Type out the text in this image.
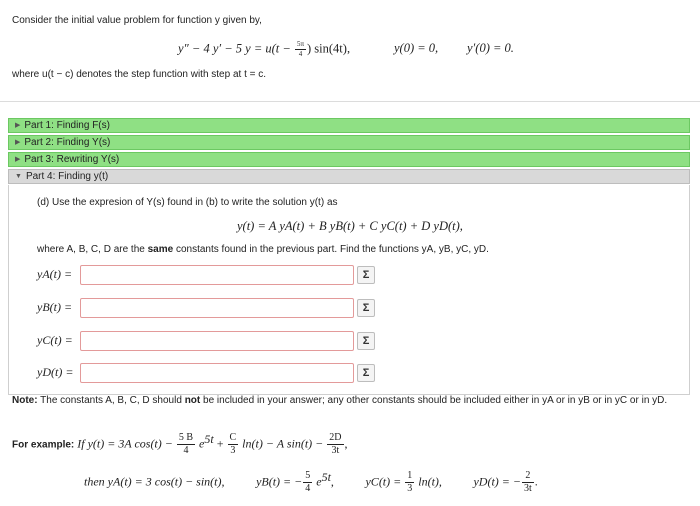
Consider the initial value problem for function y given by,
y″ − 4 y′ − 5 $y = u(t - \frac{5\pi}{4}$ ) sin(4t),	y(0) = 0, y′(0) = 0.
where u(t − c) denotes the step function with step at t = c.
▶ Part 1: Finding F(s)
▶ Part 2: Finding Y(s)
▶ Part 3: Rewriting Y(s)
▼ Part 4: Finding y(t)
(d) Use the expresion of Y(s) found in (b) to write the solution y(t) as
y(t) = A yA(t) + B yB(t) + C yC(t) + D yD(t),
where A, B, C, D are the same constants found in the previous part. Find the functions yA, yB, yC, yD.
yA(t) =	Σ
yB(t) =	Σ
yC(t) =	Σ
yD(t) =	Σ
Note: The constants A, B, C, D should not be included in your answer; any other constants should be included either in yA or in yB or in yC or in yD.
For example: If y(t) = 3A $\cos(t) - \frac{5 B}{4} e^{5t} + \frac{C}{3} \ln(t) - A$ $\sin(t) - \frac{2D}{3t}$ ,
then yA(t) = 3 cos(t) − sin(t),	yB(t) = − $\frac{5}{4} e^{5t}$,	$yC(t) = \frac{1}{3} \ln(t)$,	yD(t) = − $\frac{2}{3t}$ .
